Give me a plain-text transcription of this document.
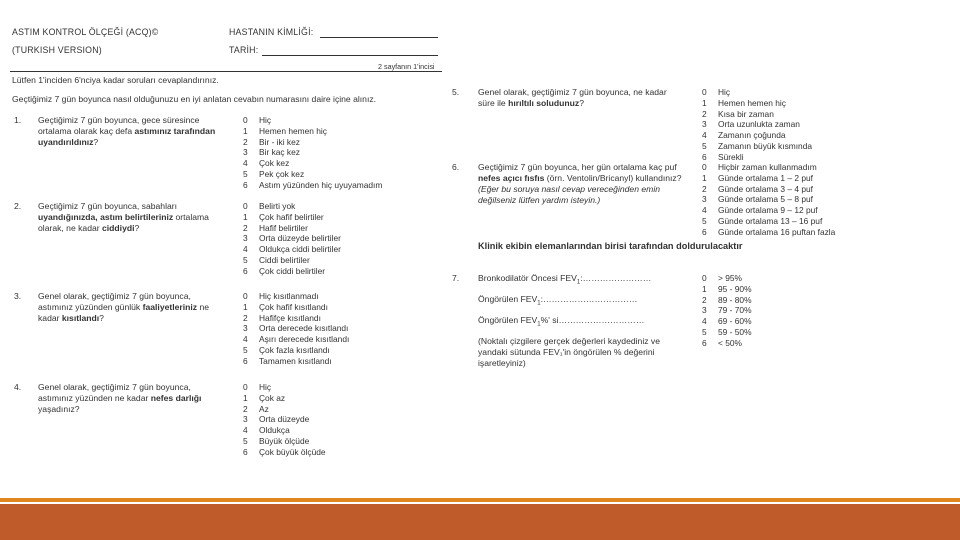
ASTIM KONTROL ÖLÇEĞİ (ACQ)©
(TURKISH VERSION)
HASTANIN KİMLİĞİ:
TARİH:
2 sayfanın 1'incisi
Lütfen 1'inciden 6'nciya kadar soruları cevaplandırınız.
Geçtiğimiz 7 gün boyunca nasıl olduğunuzu en iyi anlatan cevabın numarasını daire içine alınız.
1. Geçtiğimiz 7 gün boyunca, gece süresince ortalama olarak kaç defa astımınız tarafından uyandırıldınız?
0	Hiç
1	Hemen hemen hiç
2	Bir - iki kez
3	Bir kaç kez
4	Çok kez
5	Pek çok kez
6	Astım yüzünden hiç uyuyamadım
2. Geçtiğimiz 7 gün boyunca, sabahları uyandığınızda, astım belirtileriniz ortalama olarak, ne kadar ciddiydi?
0	Belirti yok
1	Çok hafif belirtiler
2	Hafif belirtiler
3	Orta düzeyde belirtiler
4	Oldukça ciddi belirtiler
5	Ciddi belirtiler
6	Çok ciddi belirtiler
3. Genel olarak, geçtiğimiz 7 gün boyunca, astımınız yüzünden günlük faaliyetleriniz ne kadar kısıtlandı?
0	Hiç kısıtlanmadı
1	Çok hafif kısıtlandı
2	Hafifçe kısıtlandı
3	Orta derecede kısıtlandı
4	Aşırı derecede kısıtlandı
5	Çok fazla kısıtlandı
6	Tamamen kısıtlandı
4. Genel olarak, geçtiğimiz 7 gün boyunca, astımınız yüzünden ne kadar nefes darlığı yaşadınız?
0	Hiç
1	Çok az
2	Az
3	Orta düzeyde
4	Oldukça
5	Büyük ölçüde
6	Çok büyük ölçüde
5. Genel olarak, geçtiğimiz 7 gün boyunca, ne kadar süre ile hırıltılı soludunuz?
0	Hiç
1	Hemen hemen hiç
2	Kısa bir zaman
3	Orta uzunlukta zaman
4	Zamanın çoğunda
5	Zamanın büyük kısmında
6	Sürekli
6. Geçtiğimiz 7 gün boyunca, her gün ortalama kaç puf nefes açıcı fısfıs (örn. Ventolin/Bricanyl) kullandınız?
(Eğer bu soruya nasıl cevap vereceğinden emin değilseniz lütfen yardım isteyin.)
0	Hiçbir zaman kullanmadım
1	Günde ortalama 1 – 2 puf
2	Günde ortalama 3 – 4 puf
3	Günde ortalama 5 – 8 puf
4	Günde ortalama 9 – 12 puf
5	Günde ortalama 13 – 16 puf
6	Günde ortalama 16 puftan fazla
Klinik ekibin elemanlarından birisi tarafından doldurulacaktır
7. Bronkodilatör Öncesi $FEV_1:\dots\dots\dots\dots\dots\dots\dots\dots$
Öngörülen $FEV_1:\dots\dots\dots\dots\dots\dots\dots\dots\dots\dots\dots$
Öngörülen $FEV_1\%'$ si…………………………
(Noktalı çizgilere gerçek değerleri kaydediniz ve yandaki sütunda FEV₁'in öngörülen % değerini işaretleyiniz)
0	> 95%
1	95 - 90%
2	89 - 80%
3	79 - 70%
4	69 - 60%
5	59 - 50%
6	< 50%
